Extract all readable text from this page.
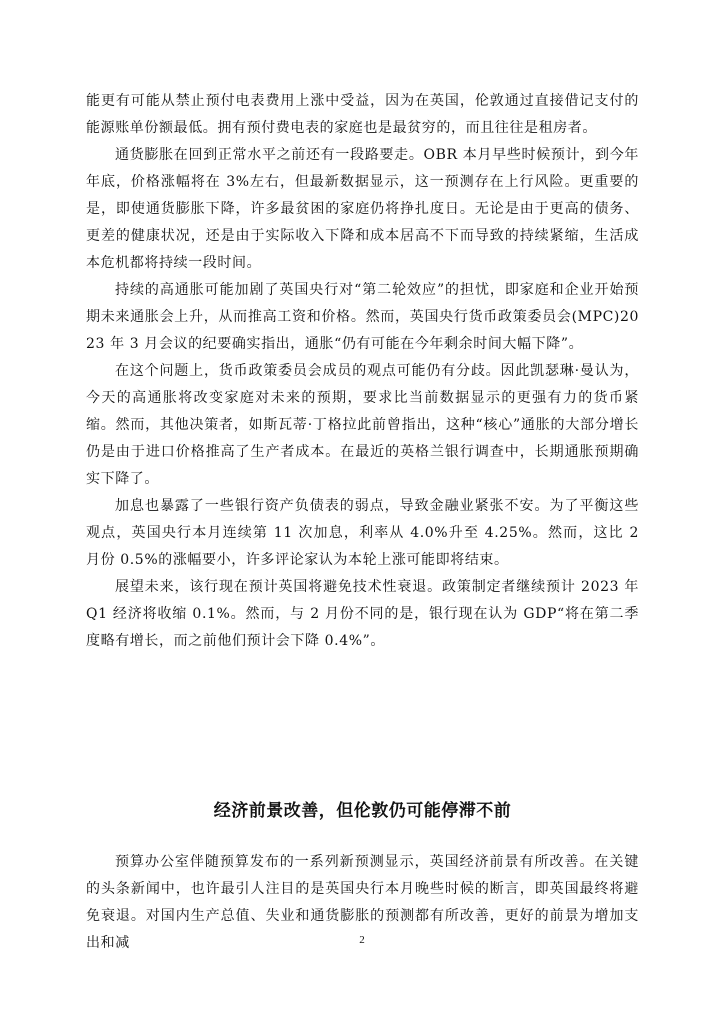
能更有可能从禁止预付电表费用上涨中受益，因为在英国，伦敦通过直接借记支付的能源账单份额最低。拥有预付费电表的家庭也是最贫穷的，而且往往是租房者。

通货膨胀在回到正常水平之前还有一段路要走。OBR 本月早些时候预计，到今年年底，价格涨幅将在 3%左右，但最新数据显示，这一预测存在上行风险。更重要的是，即使通货膨胀下降，许多最贫困的家庭仍将挣扎度日。无论是由于更高的债务、更差的健康状况，还是由于实际收入下降和成本居高不下而导致的持续紧缩，生活成本危机都将持续一段时间。

持续的高通胀可能加剧了英国央行对“第二轮效应”的担忧，即家庭和企业开始预期未来通胀会上升，从而推高工资和价格。然而，英国央行货币政策委员会(MPC)2023 年 3 月会议的纪要确实指出，通胀“仍有可能在今年剩余时间大幅下降”。

在这个问题上，货币政策委员会成员的观点可能仍有分歧。因此凯瑟琳·曼认为，今天的高通胀将改变家庭对未来的预期，要求比当前数据显示的更强有力的货币紧缩。然而，其他决策者，如斯瓦蒂·丁格拉此前曾指出，这种“核心”通胀的大部分增长仍是由于进口价格推高了生产者成本。在最近的英格兰银行调查中，长期通胀预期确实下降了。

加息也暴露了一些银行资产负债表的弱点，导致金融业紧张不安。为了平衡这些观点，英国央行本月连续第 11 次加息，利率从 4.0%升至 4.25%。然而，这比 2 月份 0.5%的涨幅要小，许多评论家认为本轮上涨可能即将结束。

展望未来，该行现在预计英国将避免技术性衰退。政策制定者继续预计 2023 年 Q1 经济将收缩 0.1%。然而，与 2 月份不同的是，银行现在认为 GDP“将在第二季度略有增长，而之前他们预计会下降 0.4%”。

经济前景改善，但伦敦仍可能停滞不前

预算办公室伴随预算发布的一系列新预测显示，英国经济前景有所改善。在关键的头条新闻中，也许最引人注目的是英国央行本月晚些时候的断言，即英国最终将避免衰退。对国内生产总值、失业和通货膨胀的预测都有所改善，更好的前景为增加支出和减	2
